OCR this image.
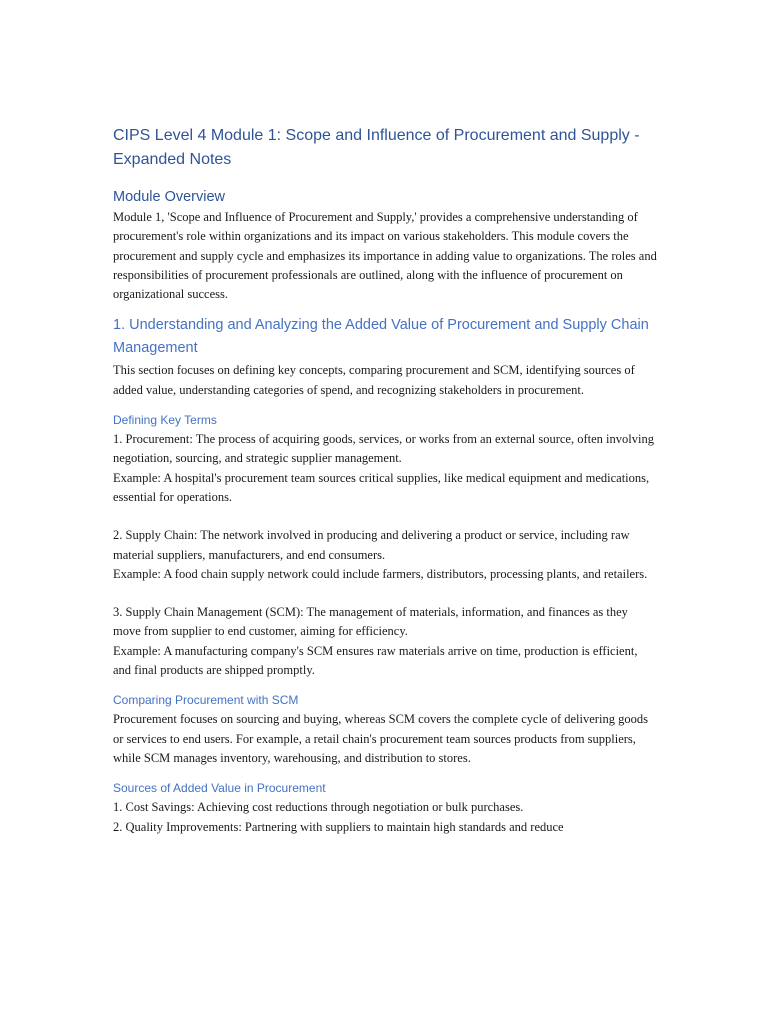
CIPS Level 4 Module 1: Scope and Influence of Procurement and Supply - Expanded Notes
Module Overview

Module 1, 'Scope and Influence of Procurement and Supply,' provides a comprehensive understanding of procurement's role within organizations and its impact on various stakeholders. This module covers the procurement and supply cycle and emphasizes its importance in adding value to organizations. The roles and responsibilities of procurement professionals are outlined, along with the influence of procurement on organizational success.

1. Understanding and Analyzing the Added Value of Procurement and Supply Chain Management

This section focuses on defining key concepts, comparing procurement and SCM, identifying sources of added value, understanding categories of spend, and recognizing stakeholders in procurement.

Defining Key Terms

1. Procurement: The process of acquiring goods, services, or works from an external source, often involving negotiation, sourcing, and strategic supplier management.

Example: A hospital's procurement team sources critical supplies, like medical equipment and medications, essential for operations.

2. Supply Chain: The network involved in producing and delivering a product or service, including raw material suppliers, manufacturers, and end consumers.

Example: A food chain supply network could include farmers, distributors, processing plants, and retailers.

3. Supply Chain Management (SCM): The management of materials, information, and finances as they move from supplier to end customer, aiming for efficiency.

Example: A manufacturing company's SCM ensures raw materials arrive on time, production is efficient, and final products are shipped promptly.

Comparing Procurement with SCM

Procurement focuses on sourcing and buying, whereas SCM covers the complete cycle of delivering goods or services to end users. For example, a retail chain's procurement team sources products from suppliers, while SCM manages inventory, warehousing, and distribution to stores.

Sources of Added Value in Procurement

1. Cost Savings: Achieving cost reductions through negotiation or bulk purchases.

2. Quality Improvements: Partnering with suppliers to maintain high standards and reduce
